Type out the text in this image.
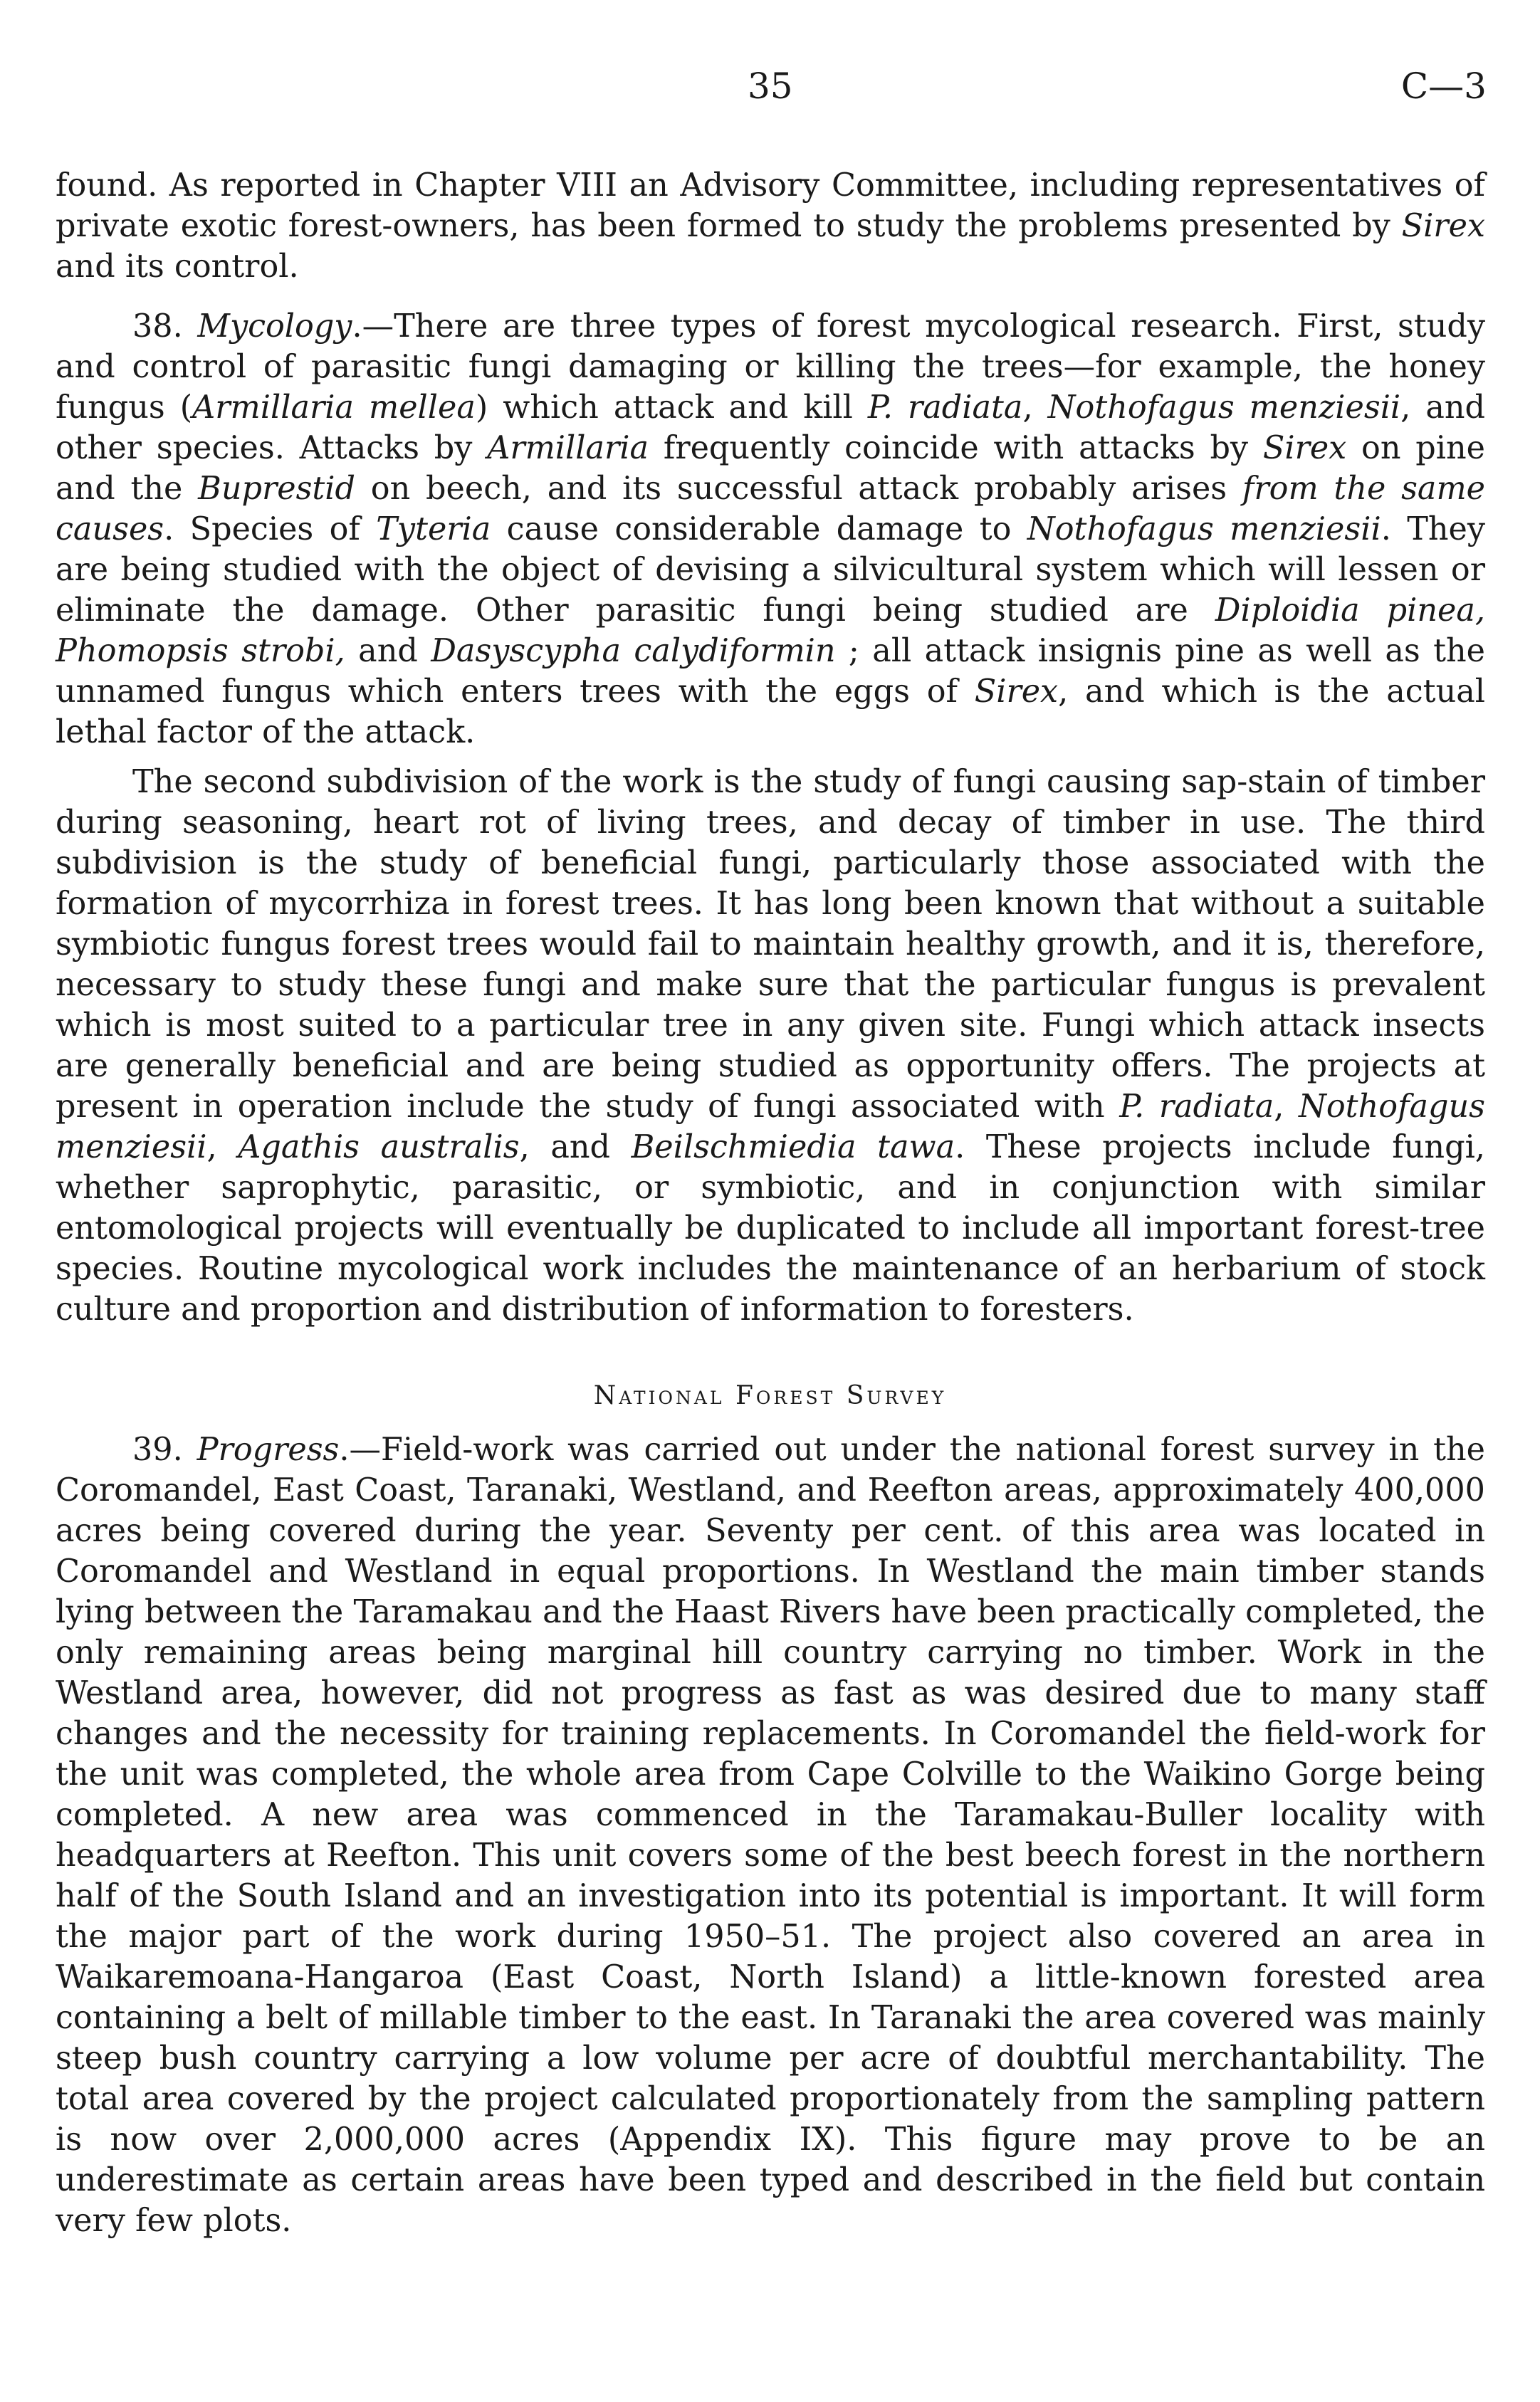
35	C—3

found. As reported in Chapter VIII an Advisory Committee, including representatives of private exotic forest-owners, has been formed to study the problems presented by Sirex and its control.

38. Mycology.—There are three types of forest mycological research. First, study and control of parasitic fungi damaging or killing the trees—for example, the honey fungus (Armillaria mellea) which attack and kill P. radiata, Nothofagus menziesii, and other species. Attacks by Armillaria frequently coincide with attacks by Sirex on pine and the Buprestid on beech, and its successful attack probably arises from the same causes. Species of Tyteria cause considerable damage to Nothofagus menziesii. They are being studied with the object of devising a silvicultural system which will lessen or eliminate the damage. Other parasitic fungi being studied are Diploidia pinea, Phomopsis strobi, and Dasyscypha calydiformin ; all attack insignis pine as well as the unnamed fungus which enters trees with the eggs of Sirex, and which is the actual lethal factor of the attack.

The second subdivision of the work is the study of fungi causing sap-stain of timber during seasoning, heart rot of living trees, and decay of timber in use. The third subdivision is the study of beneficial fungi, particularly those associated with the formation of mycorrhiza in forest trees. It has long been known that without a suitable symbiotic fungus forest trees would fail to maintain healthy growth, and it is, therefore, necessary to study these fungi and make sure that the particular fungus is prevalent which is most suited to a particular tree in any given site. Fungi which attack insects are generally beneficial and are being studied as opportunity offers. The projects at present in operation include the study of fungi associated with P. radiata, Nothofagus menziesii, Agathis australis, and Beilschmiedia tawa. These projects include fungi, whether saprophytic, parasitic, or symbiotic, and in conjunction with similar entomological projects will eventually be duplicated to include all important forest-tree species. Routine mycological work includes the maintenance of an herbarium of stock culture and proportion and distribution of information to foresters.

National Forest Survey

39. Progress.—Field-work was carried out under the national forest survey in the Coromandel, East Coast, Taranaki, Westland, and Reefton areas, approximately 400,000 acres being covered during the year. Seventy per cent. of this area was located in Coromandel and Westland in equal proportions. In Westland the main timber stands lying between the Taramakau and the Haast Rivers have been practically completed, the only remaining areas being marginal hill country carrying no timber. Work in the Westland area, however, did not progress as fast as was desired due to many staff changes and the necessity for training replacements. In Coromandel the field-work for the unit was completed, the whole area from Cape Colville to the Waikino Gorge being completed. A new area was commenced in the Taramakau-Buller locality with headquarters at Reefton. This unit covers some of the best beech forest in the northern half of the South Island and an investigation into its potential is important. It will form the major part of the work during 1950–51. The project also covered an area in Waikaremoana-Hangaroa (East Coast, North Island) a little-known forested area containing a belt of millable timber to the east. In Taranaki the area covered was mainly steep bush country carrying a low volume per acre of doubtful merchantability. The total area covered by the project calculated proportionately from the sampling pattern is now over 2,000,000 acres (Appendix IX). This figure may prove to be an underestimate as certain areas have been typed and described in the field but contain very few plots.
